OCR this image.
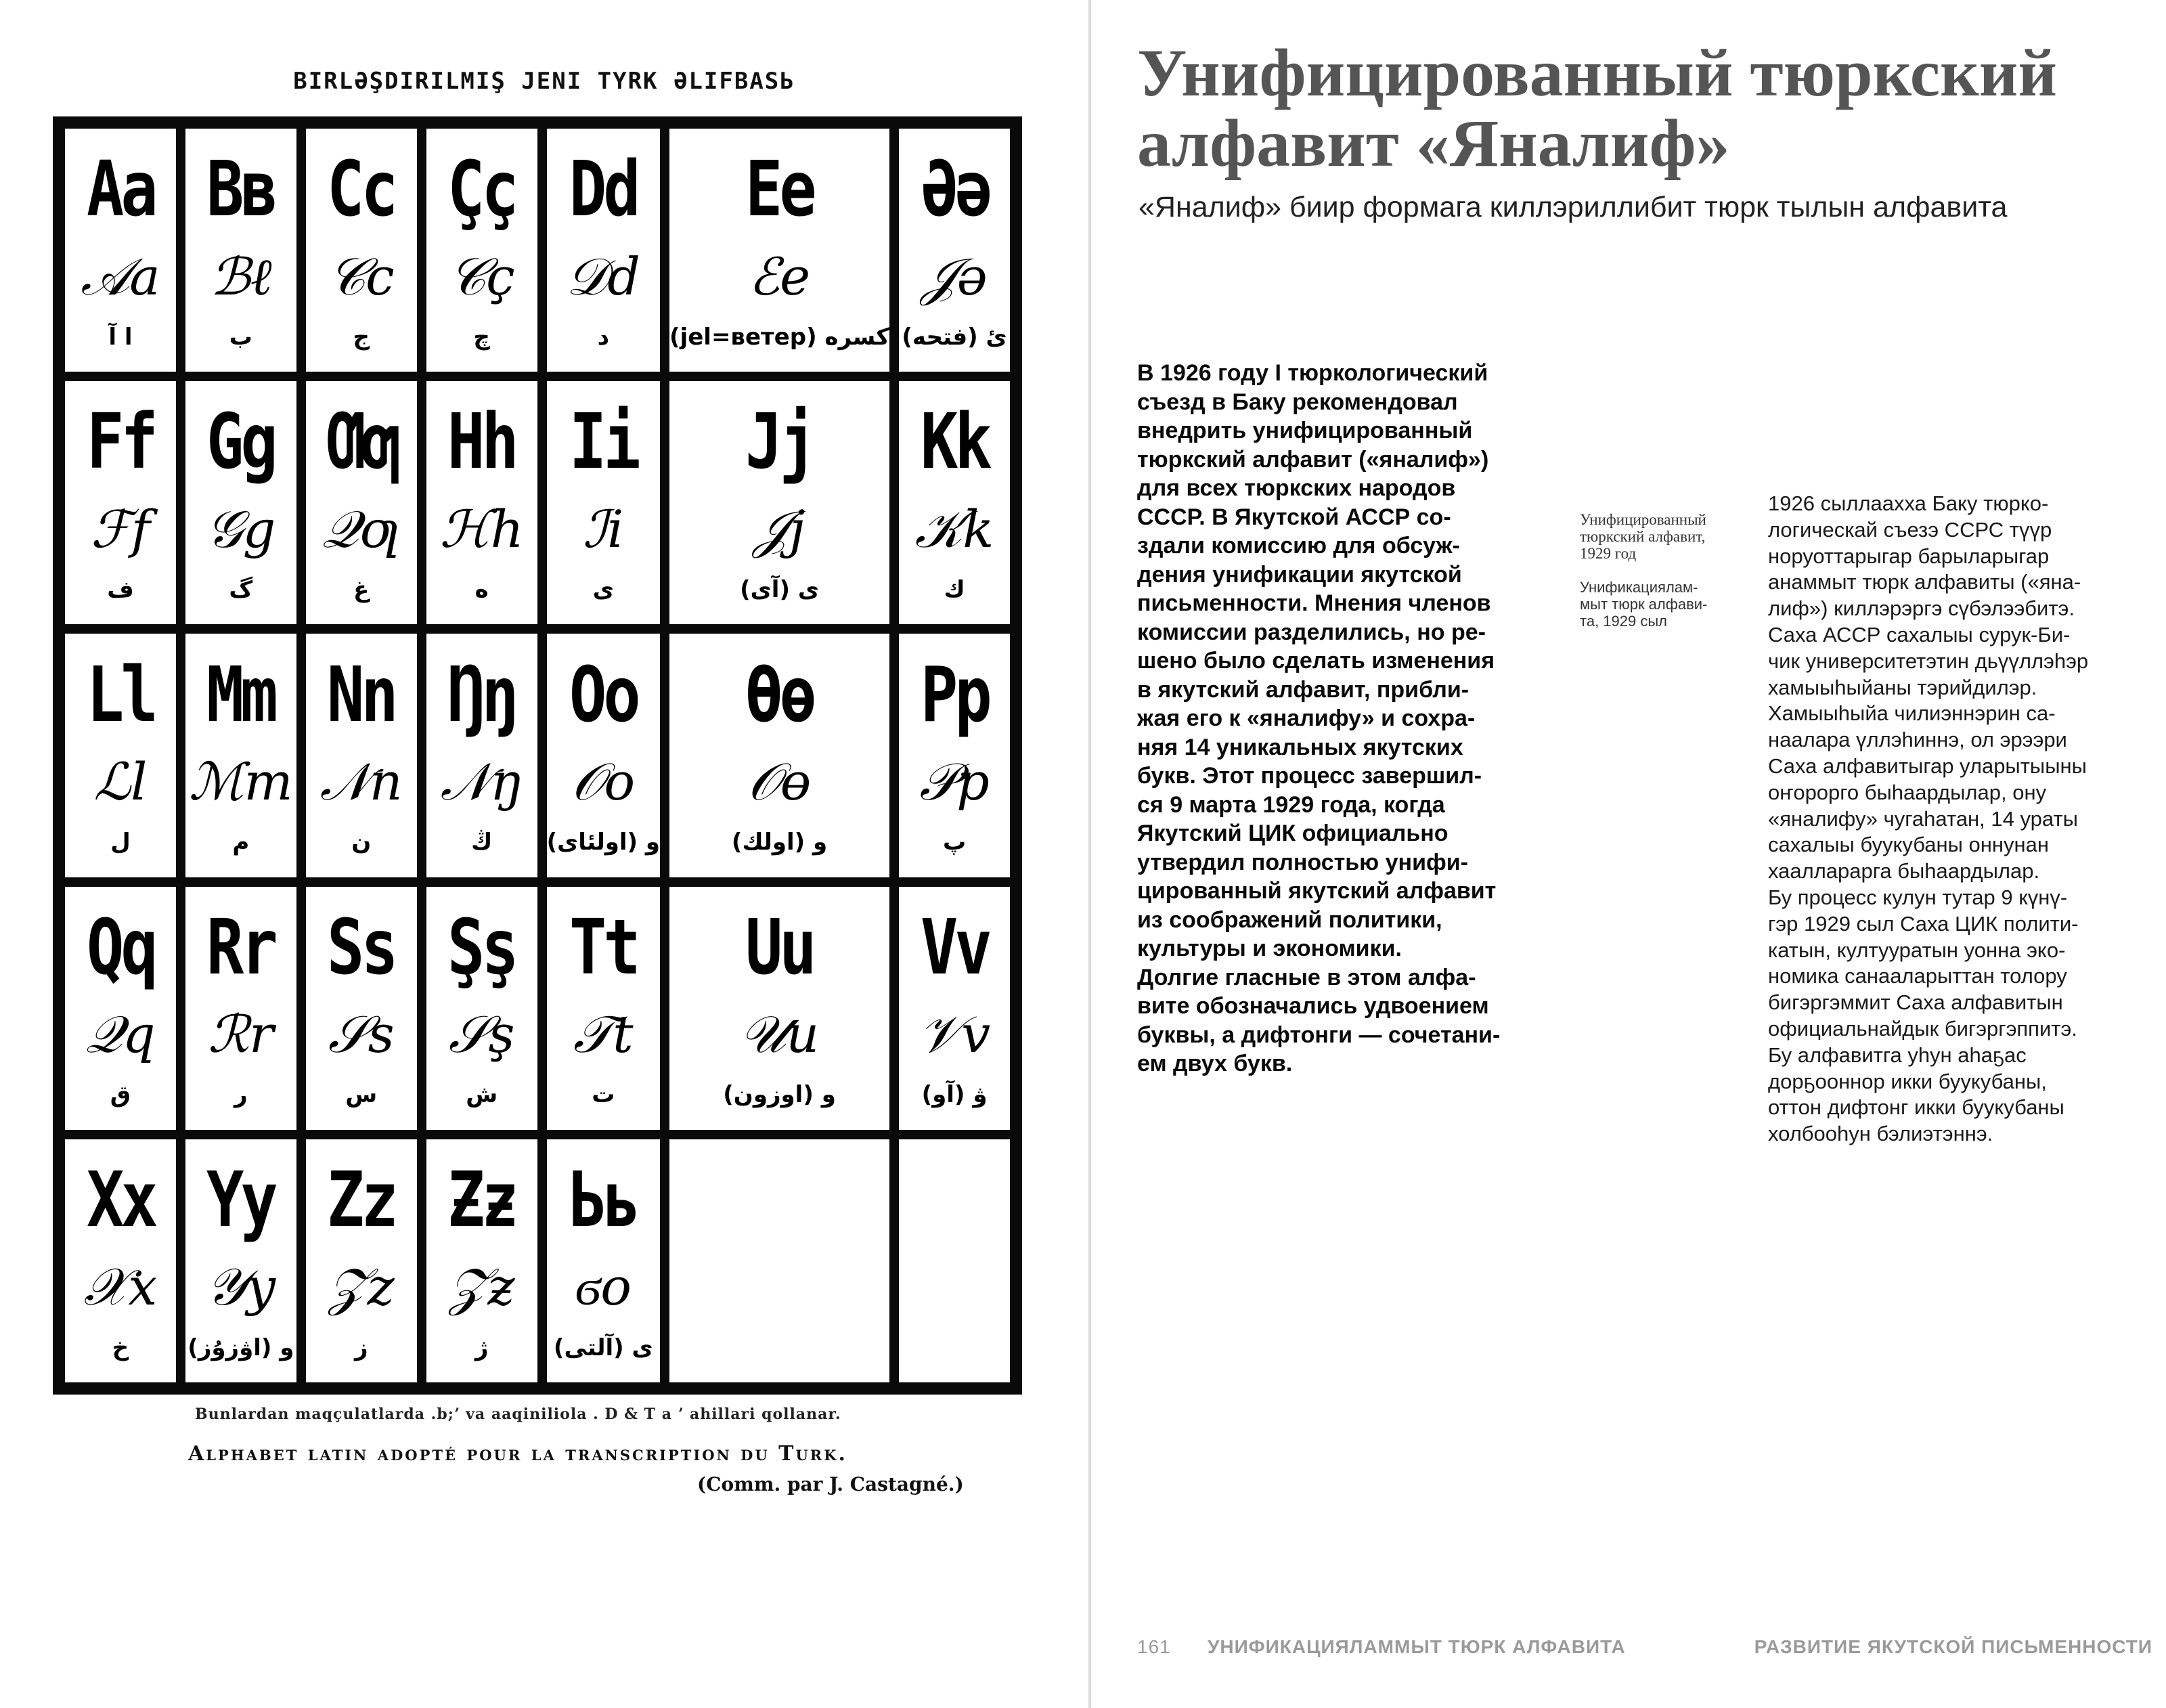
BIRLƏŞDIRILMIŞ JENI TYRK ƏLIFBASЬ
Aa
𝒜a
ا آ
Bв
ℬℓ
ب
Cc
𝒞c
ج
Çç
𝒞ç
چ
Dd
𝒟d
د
Ee
ℰe
كسره (jel=ветер)
Əə
𝒥ə
ئ (فتحه)
Ff
ℱf
ف
Gg
𝒢g
گ
Ƣƣ
𝒬ƣ
غ
Hh
ℋh
ه
Ii
ℐi
ى
Jj
𝒥j
ى (آى)
Kk
𝒦k
ك
Ll
ℒl
ل
Mm
ℳm
م
Nn
𝒩n
ن
Ŋŋ
𝒩ŋ
ڭ
Oo
𝒪o
و (اولئاى)
Өө
𝒪ө
و (اولك)
Pp
𝒫p
پ
Qq
𝒬q
ق
Rr
ℛr
ر
Ss
𝒮s
س
Şş
𝒮ş
ش
Tt
𝒯t
ت
Uu
𝒰u
و (اوزون)
Vv
𝒱v
ۋ (آو)
Xx
𝒳x
خ
Yy
𝒴y
و (اۋزۇز)
Zz
𝒵z
ز
Ƶƶ
𝒵ƶ
ژ
Ьь
ϭo
ى (آلتى)
Bunlardan maqçulatlarda .b;ʼ va aaqiniliola . D & T a ʼ ahillari qollanar.
Alphabet latin adopté pour la transcription du Turk.
(Comm. par J. Castagné.)
Унифицированный тюркский алфавит «Яналиф»
«Яналиф» биир формага киллэриллибит тюрк тылын алфавита

В 1926 году I тюркологический
съезд в Баку рекомендовал
внедрить унифицированный
тюркский алфавит («яналиф»)
для всех тюркских народов
СССР. В Якутской АССР со-
здали комиссию для обсуж-
дения унификации якутской
письменности. Мнения членов
комиссии разделились, но ре-
шено было сделать изменения
в якутский алфавит, прибли-
жая его к «яналифу» и сохра-
няя 14 уникальных якутских
букв. Этот процесс завершил-
ся 9 марта 1929 года, когда
Якутский ЦИК официально
утвердил полностью унифи-
цированный якутский алфавит
из соображений политики,
культуры и экономики.
Долгие гласные в этом алфа-
вите обозначались удвоением
буквы, а дифтонги — сочетани-
ем двух букв.

Унифицированный
тюркский алфавит,
1929 год

Унификациялам-
мыт тюрк алфави-
та, 1929 сыл

1926 сыллаахха Баку тюрко-
логическай съезэ ССРС түүр
норуоттарыгар барыларыгар
анаммыт тюрк алфавиты («яна-
лиф») киллэрэргэ сүбэлээбитэ.
Саха АССР сахалыы сурук-Би-
чик университетэтин дьүүллэһэр
хамыыһыйаны тэрийдилэр.
Хамыыһыйа чилиэннэрин са-
наалара үллэһиннэ, ол эрээри
Саха алфавитыгар уларытыыны
оҥорорго быһаардылар, ону
«яналифу» чугаһатан, 14 ураты
сахалыы буукубаны оннунан
хаалларарга быһаардылар.
Бу процесс кулун тутар 9 күнү-
гэр 1929 сыл Саха ЦИК полити-
катын, култууратын уонна эко-
номика санааларыттан толору
бигэргэммит Саха алфавитын
официальнайдык бигэргэппитэ.
Бу алфавитга уһун аһаҕас
дорҕооннор икки буукубаны,
оттон дифтонг икки буукубаны
холбооһун бэлиэтэннэ.

161 УНИФИКАЦИЯЛАММЫТ ТЮРК АЛФАВИТА	РАЗВИТИЕ ЯКУТСКОЙ ПИСЬМЕННОСТИ
